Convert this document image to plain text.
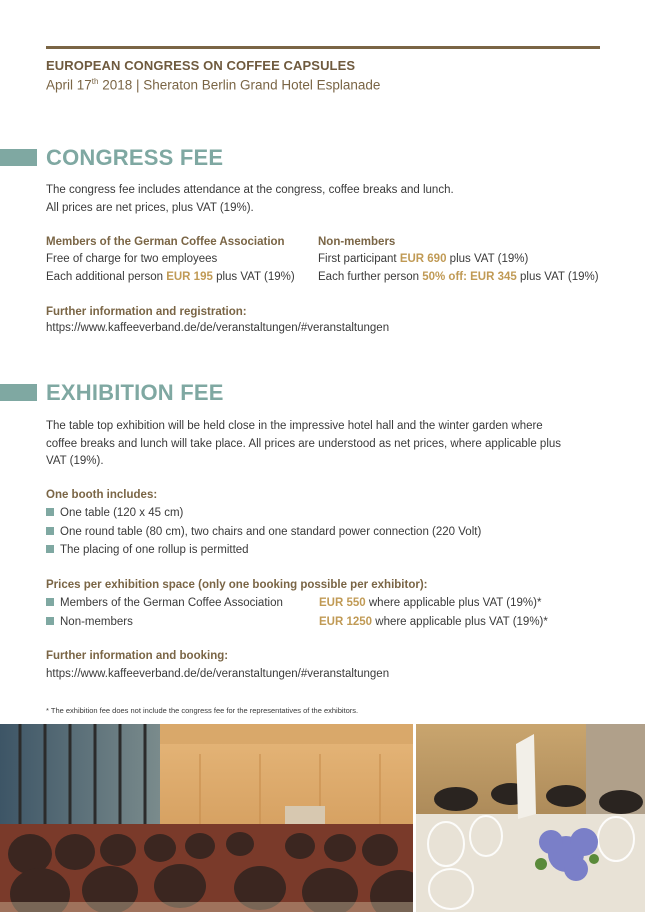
EUROPEAN CONGRESS ON COFFEE CAPSULES
April 17th 2018 | Sheraton Berlin Grand Hotel Esplanade
CONGRESS FEE
The congress fee includes attendance at the congress, coffee breaks and lunch.
All prices are net prices, plus VAT (19%).
Members of the German Coffee Association
Free of charge for two employees
Each additional person EUR 195 plus VAT (19%)
Non-members
First participant EUR 690 plus VAT (19%)
Each further person 50% off: EUR 345 plus VAT (19%)
Further information and registration:
https://www.kaffeeverband.de/de/veranstaltungen/#veranstaltungen
EXHIBITION FEE
The table top exhibition will be held close in the impressive hotel hall and the winter garden where
coffee breaks and lunch will take place. All prices are understood as net prices, where applicable plus
VAT (19%).
One booth includes:
One table (120 x 45 cm)
One round table (80 cm), two chairs and one standard power connection (220 Volt)
The placing of one rollup is permitted
Prices per exhibition space (only one booking possible per exhibitor):
Members of the German Coffee Association	EUR 550 where applicable plus VAT (19%)*
Non-members	EUR 1250 where applicable plus VAT (19%)*
Further information and booking:
https://www.kaffeeverband.de/de/veranstaltungen/#veranstaltungen
* The exhibition fee does not include the congress fee for the representatives of the exhibitors.
